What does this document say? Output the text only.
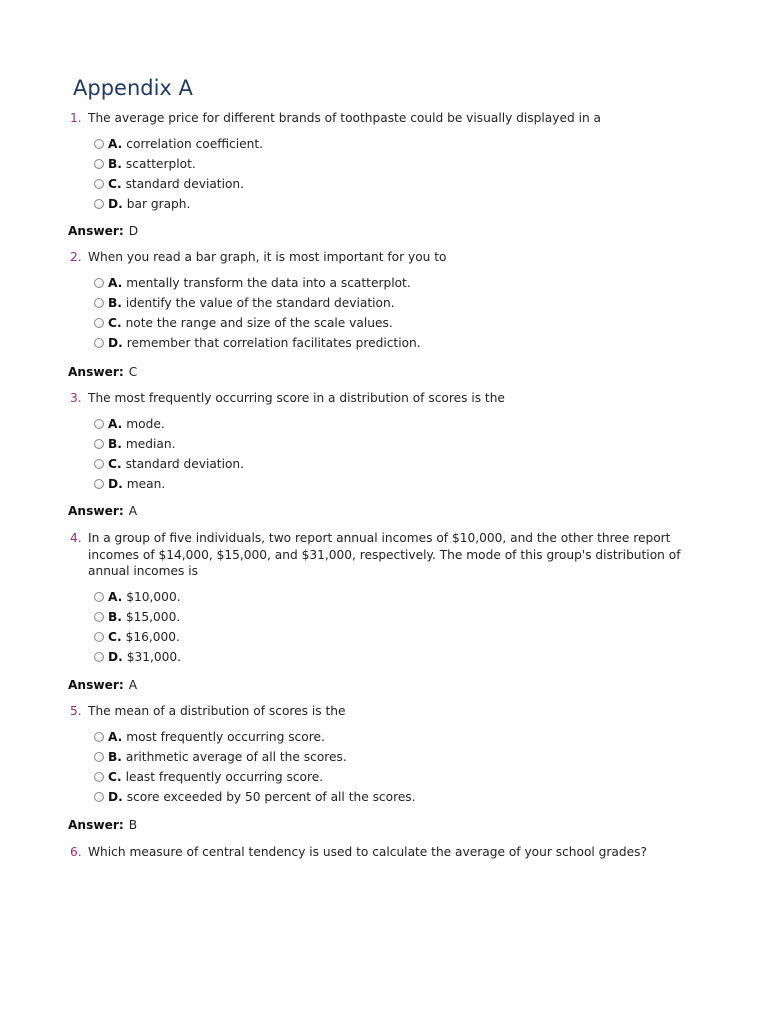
Appendix A
1. The average price for different brands of toothpaste could be visually displayed in a
A. correlation coefficient.
B. scatterplot.
C. standard deviation.
D. bar graph.
Answer: D
2. When you read a bar graph, it is most important for you to
A. mentally transform the data into a scatterplot.
B. identify the value of the standard deviation.
C. note the range and size of the scale values.
D. remember that correlation facilitates prediction.
Answer: C
3. The most frequently occurring score in a distribution of scores is the
A. mode.
B. median.
C. standard deviation.
D. mean.
Answer: A
4. In a group of five individuals, two report annual incomes of $10,000, and the other three report incomes of $14,000, $15,000, and $31,000, respectively. The mode of this group's distribution of annual incomes is
A. $10,000.
B. $15,000.
C. $16,000.
D. $31,000.
Answer: A
5. The mean of a distribution of scores is the
A. most frequently occurring score.
B. arithmetic average of all the scores.
C. least frequently occurring score.
D. score exceeded by 50 percent of all the scores.
Answer: B
6. Which measure of central tendency is used to calculate the average of your school grades?
